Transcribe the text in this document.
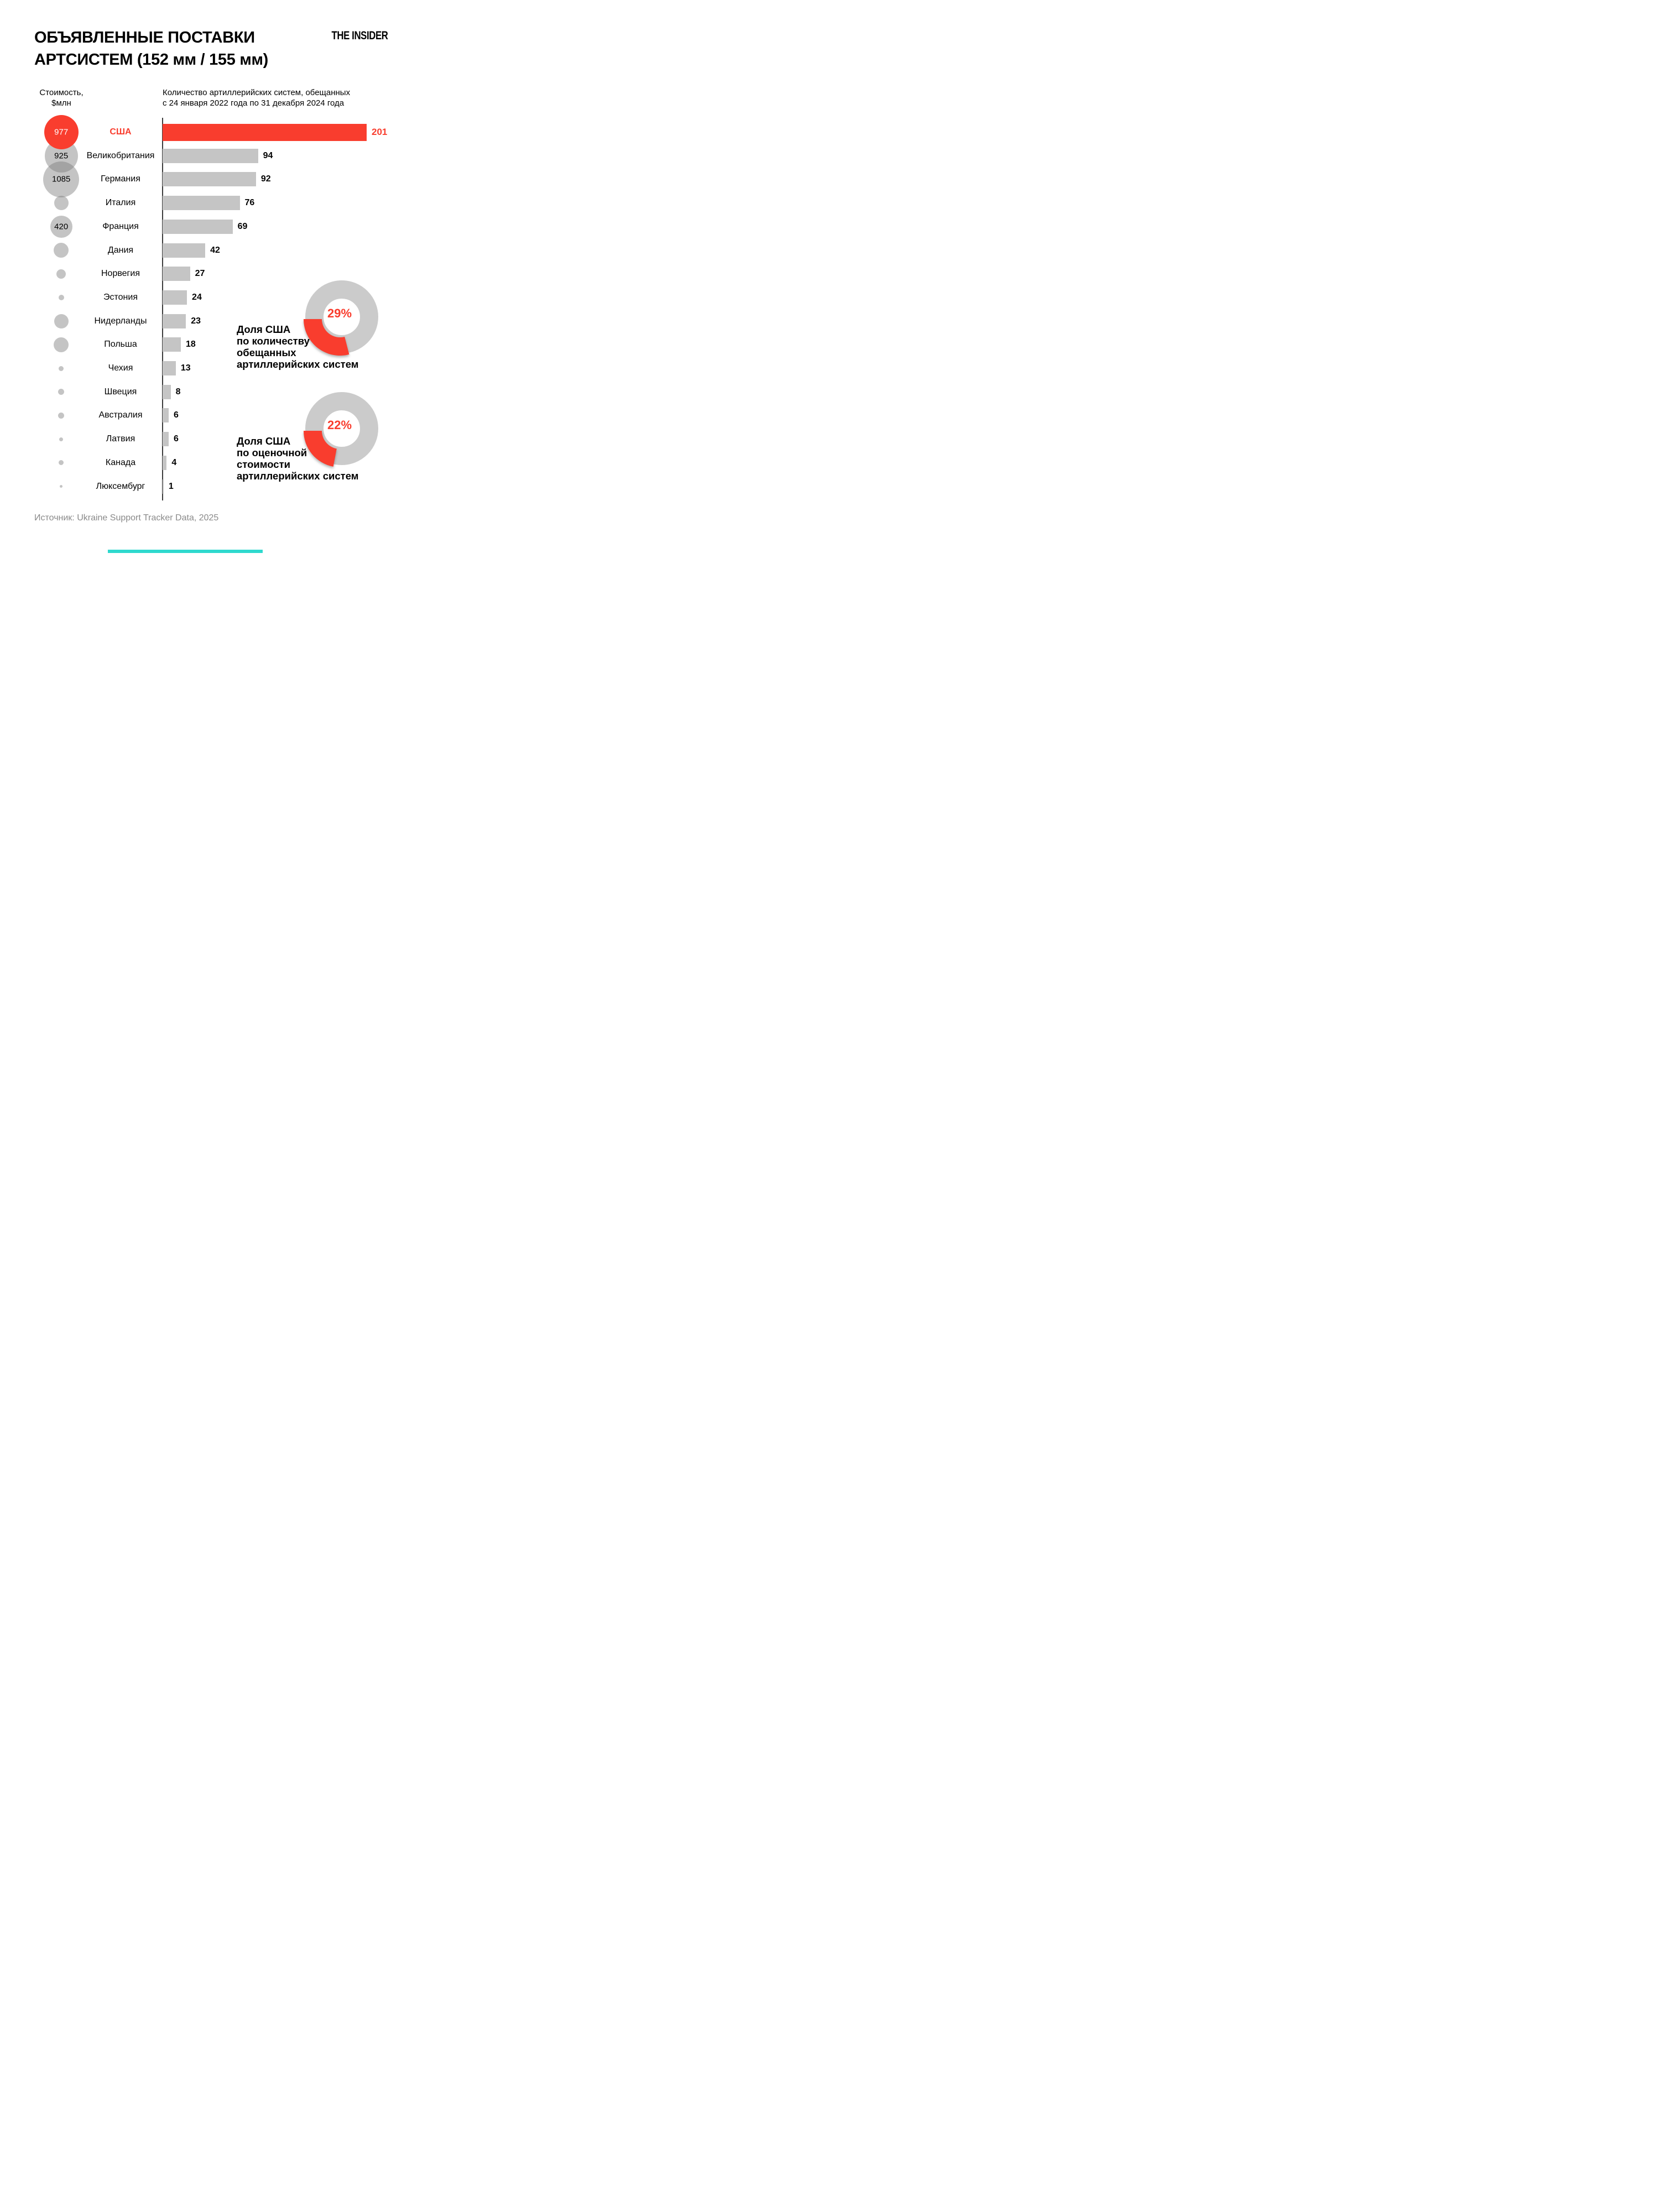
ОБЪЯВЛЕННЫЕ ПОСТАВКИ
АРТСИСТЕМ (152 мм / 155 мм)
THE INSIDER
Стоимость,
$млн
Количество артиллерийских систем, обещанных
с 24 января 2022 года по 31 декабря 2024 года
977	США	201
925	Великобритания	94
1085	Германия	92
Италия	76
420	Франция	69
Дания	42
Норвегия	27
Эстония	24
Нидерланды	23
Польша	18
Чехия	13
Швеция	8
Австралия	6
Латвия	6
Канада	4
Люксембург	1
29%
Доля США
по количеству
обещанных
артиллерийских систем
22%
Доля США
по оценочной
стоимости
артиллерийских систем
Источник: Ukraine Support Tracker Data, 2025
